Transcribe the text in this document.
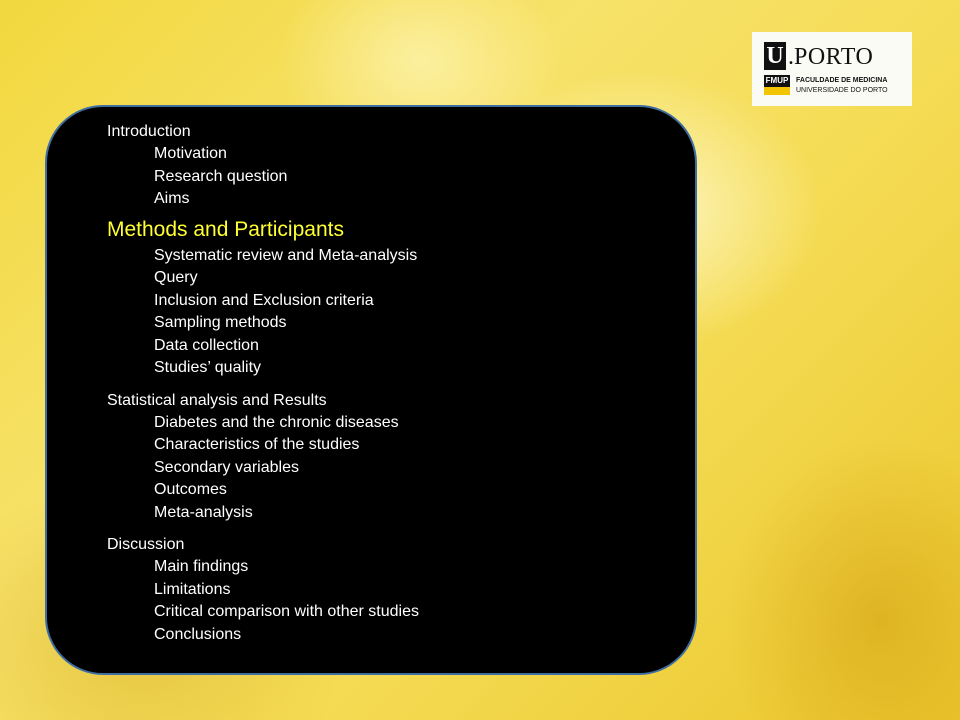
U . PORTO
FMUP FACULDADE DE MEDICINA
UNIVERSIDADE DO PORTO
Introduction
Motivation
Research question
Aims
Methods and Participants
Systematic review and Meta-analysis
Query
Inclusion and Exclusion criteria
Sampling methods
Data collection
Studies’ quality
Statistical analysis and Results
Diabetes and the chronic diseases
Characteristics of the studies
Secondary variables
Outcomes
Meta-analysis
Discussion
Main findings
Limitations
Critical comparison with other studies
Conclusions
